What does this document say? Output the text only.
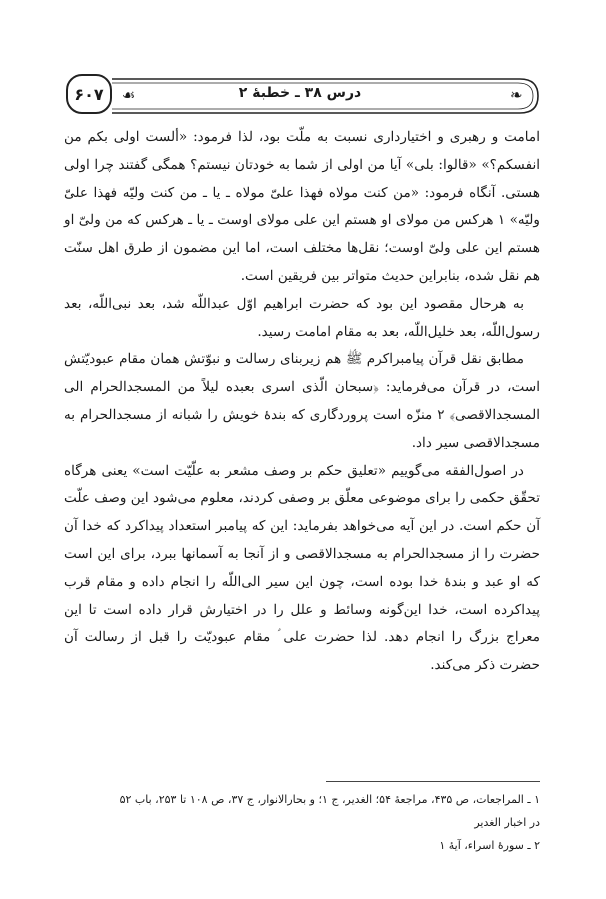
۶۰۷	☙	درس ۳۸ ـ خطبهٔ ۲	❧

امامت و رهبری و اختیارداری نسبت به ملّت بود، لذا فرمود: «ألست اولی بکم من انفسکم؟» «قالوا: بلی» آیا من اولی از شما به خودتان نیستم؟ همگی گفتند چرا اولی هستی. آنگاه فرمود: «من کنت مولاه فهذا علیّ مولاه ـ یا ـ من کنت ولیّه فهذا علیّ ولیّه» ۱ هرکس من مولای او هستم این علی مولای اوست ـ یا ـ هرکس که من ولیّ او هستم این علی ولیّ اوست؛ نقل‌ها مختلف است، اما این مضمون از طرق اهل سنّت هم نقل شده، بنابراین حدیث متواتر بین فریقین است.

به هرحال مقصود این بود که حضرت ابراهیم اوّل عبداللّه شد، بعد نبی‌اللّه، بعد رسول‌اللّه، بعد خلیل‌اللّه، بعد به مقام امامت رسید.

مطابق نقل قرآن پیامبراکرم ﷺ هم زیربنای رسالت و نبوّتش همان مقام عبودیّتش است، در قرآن می‌فرماید: ﴿سبحان الّذی اسری بعبده لیلاً من المسجدالحرام الی المسجدالاقصی﴾ ۲ منزّه است پروردگاری که بندهٔ خویش را شبانه از مسجدالحرام به مسجدالاقصی سیر داد.

در اصول‌الفقه می‌گوییم «تعلیق حکم بر وصف مشعر به علّیّت است» یعنی هرگاه تحقّق حکمی را برای موضوعی معلّق بر وصفی کردند، معلوم می‌شود این وصف علّت آن حکم است. در این آیه می‌خواهد بفرماید: این که پیامبر استعداد پیداکرد که خدا آن حضرت را از مسجدالحرام به مسجدالاقصی و از آنجا به آسمانها ببرد، برای این است که او عبد و بندهٔ خدا بوده است، چون این سیر الی‌اللّه را انجام داده و مقام قرب پیداکرده است، خدا این‌گونه وسائط و علل را در اختیارش قرار داده است تا این معراج بزرگ را انجام دهد. لذا حضرت علی ؑ مقام عبودیّت را قبل از رسالت آن حضرت ذکر می‌کند.

۱ ـ المراجعات، ص ۴۳۵، مراجعهٔ ۵۴؛ الغدیر، ج ۱؛ و بحارالانوار، ج ۳۷، ص ۱۰۸ تا ۲۵۳، باب ۵۲
در اخبار الغدیر
۲ ـ سورهٔ اسراء، آیهٔ ۱
